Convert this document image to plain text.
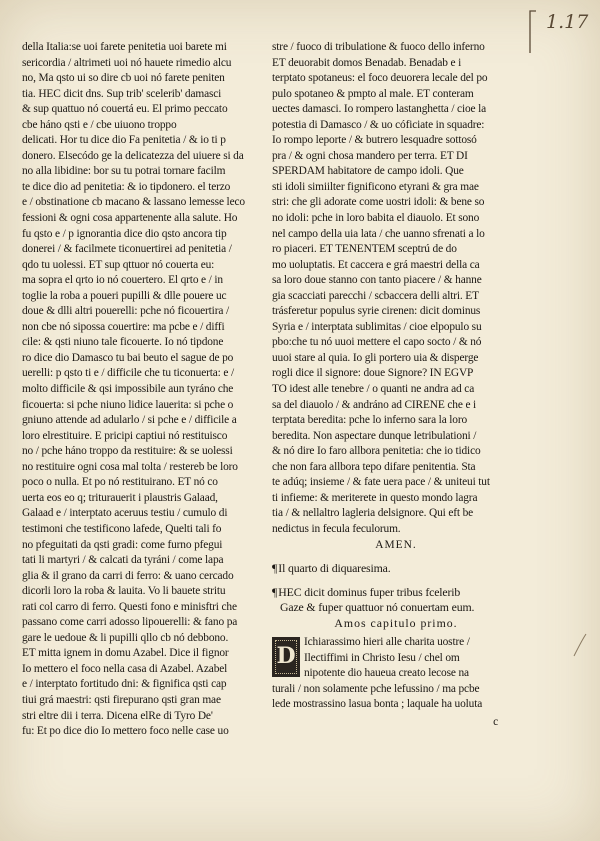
1.17
della Italia:se uoi farete penitetia uoi barete mi
sericordia / altrimeti uoi nó hauete rimedio alcu
no, Ma qsto ui so dire cb uoi nó farete peniten
tia. HEC dicit dns. Sup trib' scelerib' damasci
& sup quattuo nó couertá eu. El primo peccato
cbe háno qsti e / cbe uiuono troppo
delicati. Hor tu dice dio Fa penitetia / & io ti p
donero. Elsecódo ge la delicatezza del uiuere si da
no alla libidine: bor su tu potrai tornare facilm
te dice dio ad penitetia: & io tipdonero. el terzo
e / obstinatione cb macano & lassano lemesse leco
fessioni & ogni cosa appartenente alla salute. Ho
fu qsto e / p ignorantia dice dio qsto ancora tip
donerei / & facilmete ticonuertirei ad penitetia /
qdo tu uolessi. ET sup qttuor nó couerta eu:
ma sopra el qrto io nó couertero. El qrto e / in
toglie la roba a poueri pupilli & dlle pouere uc
doue & dlli altri pouerelli: pche nó ficouertira /
non cbe nó sipossa couertire: ma pcbe e / diffi
cile: & qsti niuno tale ficouerte. Io nó tipdone
ro dice dio Damasco tu bai beuto el sague de po
uerelli: p qsto ti e / difficile che tu ticonuerta: e /
molto difficile & qsi impossibile aun tyráno che
ficouerta: si pche niuno lidice lauerita: si pche o
gniuno attende ad adularlo / si pche e / difficile a
loro elrestituire. E pricipi captiui nó restituisco
no / pche háno troppo da restituire: & se uolessi
no restituire ogni cosa mal tolta / restereb be loro
poco o nulla. Et po nó restituirano. ET nó co
uerta eos eo q; triturauerit i plaustris Galaad,
Galaad e / interptato aceruus testiu / cumulo di
testimoni che testificono lafede, Quelti tali fo
no pfeguitati da qsti gradi: come furno pfegui
tati li martyri / & calcati da tyráni / come lapa
glia & il grano da carri di ferro: & uano cercado
dicorli loro la roba & lauita. Vo li bauete stritu
rati col carro di ferro. Questi fono e minisftri che
passano come carri adosso lipouerelli: & fano pa
gare le uedoue & li pupilli qllo cb nó debbono.
ET mitta ignem in domu Azabel. Dice il fignor
Io mettero el foco nella casa di Azabel. Azabel
e / interptato fortitudo dni: & fignifica qsti cap
tiui grá maestri: qsti firepurano qsti gran mae
stri eltre dii i terra. Dicena elRe di Tyro De'
fu: Et po dice dio Io mettero foco nelle case uo
stre / fuoco di tribulatione & fuoco dello inferno
ET deuorabit domos Benadab. Benadab e i
terptato spotaneus: el foco deuorera lecale del po
pulo spotaneo & pmpto al male. ET conteram
uectes damasci. Io rompero lastanghetta / cioe la
potestia di Damasco / & uo cóficiate in squadre:
Io rompo leporte / & butrero lesquadre sottosó
pra / & ogni chosa mandero per terra. ET DI
SPERDAM habitatore de campo idoli. Que
sti idoli simiilter fignificono etyrani & gra mae
stri: che gli adorate come uostri idoli: & bene so
no idoli: pche in loro babita el diauolo. Et sono
nel campo della uia lata / che uanno sfrenati a lo
ro piaceri. ET TENENTEM sceptrú de do
mo uoluptatis. Et caccera e grá maestri della ca
sa loro doue stanno con tanto piacere / & hanne
gia scacciati parecchi / scbaccera delli altri. ET
trásferetur populus syrie cirenen: dicit dominus
Syria e / interptata sublimitas / cioe elpopulo su
pbo:che tu nó uuoi mettere el capo socto / & nó
uuoi stare al quia. Io gli portero uia & disperge
rogli dice il signore: doue Signore? IN EGVP
TO idest alle tenebre / o quanti ne andra ad ca
sa del diauolo / & andráno ad CIRENE che e i
terptata beredita: pche lo inferno sara la loro
beredita. Non aspectare dunque letribulationi /
& nó dire Io faro allbora penitetia: che io tidico
che non fara allbora tepo difare penitentia. Sta
te adúq; insieme / & fate uera pace / & uniteui tut
ti infieme: & meriterete in questo mondo lagra
tia / & nellaltro lagleria delsignore. Qui eft be
nedictus in fecula feculorum.
AMEN.
¶Il quarto di diquaresima.
¶HEC dicit dominus fuper tribus fcelerib
Gaze & fuper quattuor nó conuertam eum.
Amos capitulo primo.
D
Ichiarassimo hieri alle charita uostre /
Ilectiffimi in Christo Iesu / chel om
nipotente dio haueua creato lecose na
turali / non solamente pche lefussino / ma pcbe
lede mostrassino lasua bonta ; laquale ha uoluta
c
